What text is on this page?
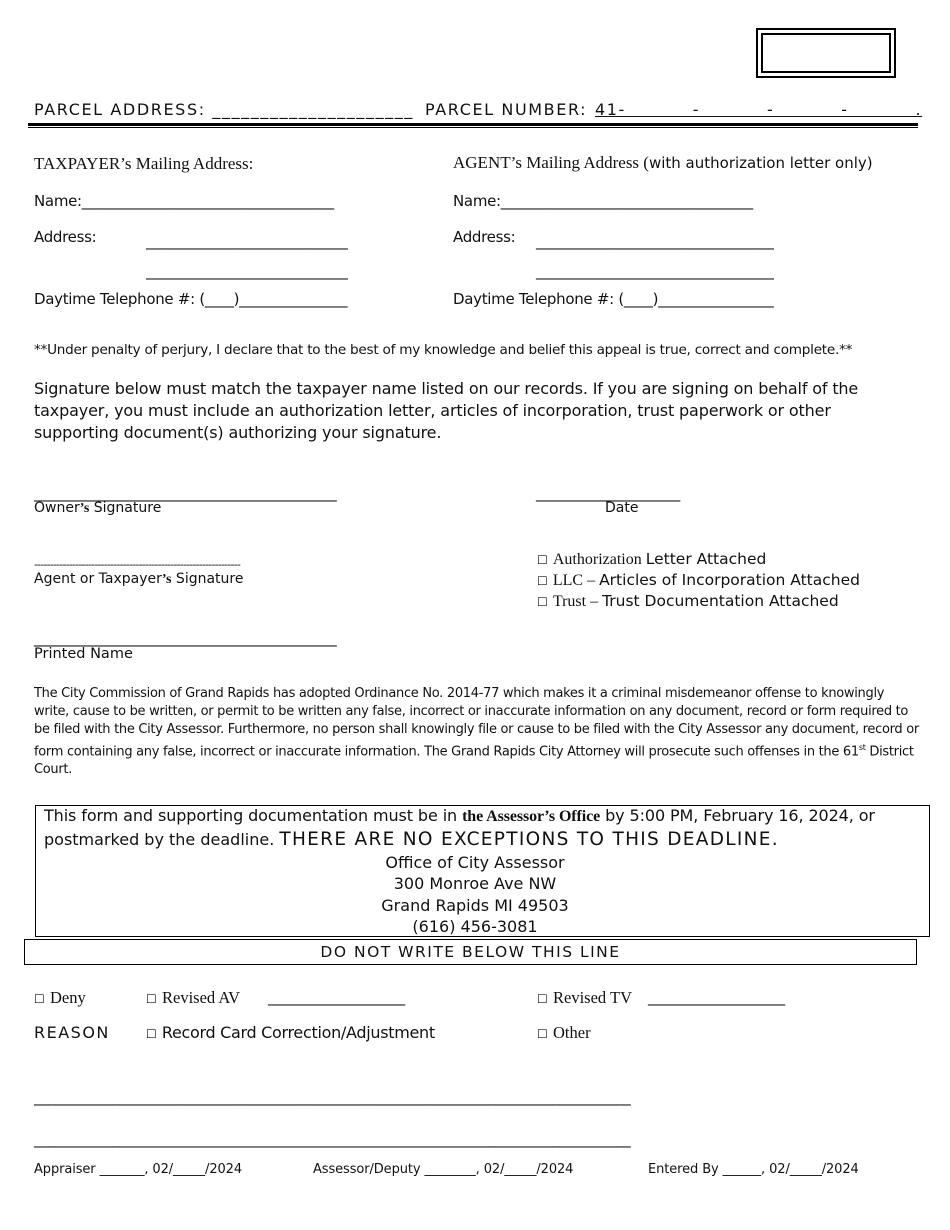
PARCEL ADDRESS: _____________________ PARCEL NUMBER: 41-          -          -          -          .
TAXPAYER’s Mailing Address:
Name:___________________________________
Address:	____________________________
____________________________
Daytime Telephone #: (____)_______________
AGENT’s Mailing Address (with authorization letter only)
Name:___________________________________
Address: _________________________________
_________________________________
Daytime Telephone #: (____)________________
**Under penalty of perjury, I declare that to the best of my knowledge and belief this appeal is true, correct and complete.**
Signature below must match the taxpayer name listed on our records. If you are signing on behalf of the taxpayer, you must include an authorization letter, articles of incorporation, trust paperwork or other supporting document(s) authorizing your signature.
__________________________________________
Owner’s Signature
____________________
Date
-----------------------------------------------------------------
Agent or Taxpayer’s Signature
☐ Authorization Letter Attached
☐ LLC – Articles of Incorporation Attached
☐ Trust – Trust Documentation Attached
__________________________________________
Printed Name
The City Commission of Grand Rapids has adopted Ordinance No. 2014-77 which makes it a criminal misdemeanor offense to knowingly write, cause to be written, or permit to be written any false, incorrect or inaccurate information on any document, record or form required to be filed with the City Assessor. Furthermore, no person shall knowingly file or cause to be filed with the City Assessor any document, record or form containing any false, incorrect or inaccurate information. The Grand Rapids City Attorney will prosecute such offenses in the 61st District Court.
This form and supporting documentation must be in the Assessor’s Office by 5:00 PM, February 16, 2024, or
postmarked by the deadline. THERE ARE NO EXCEPTIONS TO THIS DEADLINE.
Office of City Assessor
300 Monroe Ave NW
Grand Rapids MI 49503
(616) 456-3081
DO NOT WRITE BELOW THIS LINE
☐ Deny	☐ Revised AV ___________________	☐ Revised TV ___________________
REASON	☐ Record Card Correction/Adjustment	☐ Other
____________________________________________________________________________________
____________________________________________________________________________________
Appraiser _______, 02/_____/2024	Assessor/Deputy ________, 02/_____/2024	Entered By ______, 02/_____/2024
